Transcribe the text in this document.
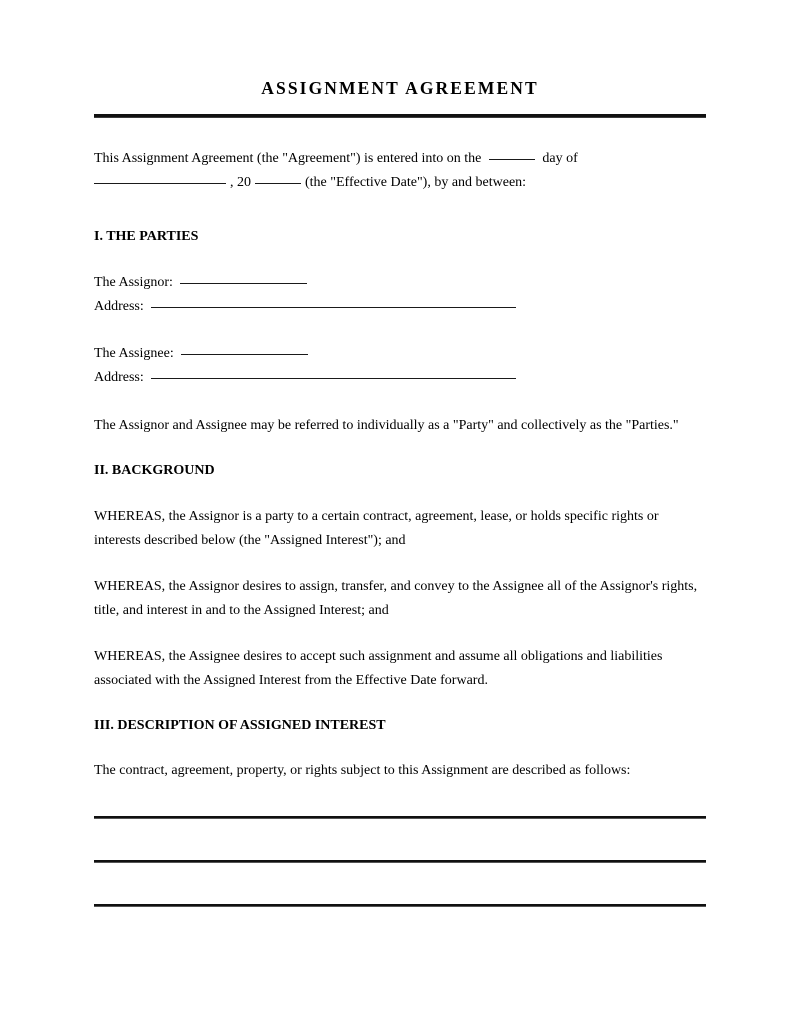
ASSIGNMENT AGREEMENT

This Assignment Agreement (the "Agreement") is entered into on the	day of
, 20	(the "Effective Date"), by and between:

I. THE PARTIES
The Assignor:
Address:
The Assignee:
Address:

The Assignor and Assignee may be referred to individually as a "Party" and collectively as the "Parties."

II. BACKGROUND

WHEREAS, the Assignor is a party to a certain contract, agreement, lease, or holds specific rights or interests described below (the "Assigned Interest"); and

WHEREAS, the Assignor desires to assign, transfer, and convey to the Assignee all of the Assignor's rights, title, and interest in and to the Assigned Interest; and

WHEREAS, the Assignee desires to accept such assignment and assume all obligations and liabilities associated with the Assigned Interest from the Effective Date forward.

III. DESCRIPTION OF ASSIGNED INTEREST

The contract, agreement, property, or rights subject to this Assignment are described as follows:
